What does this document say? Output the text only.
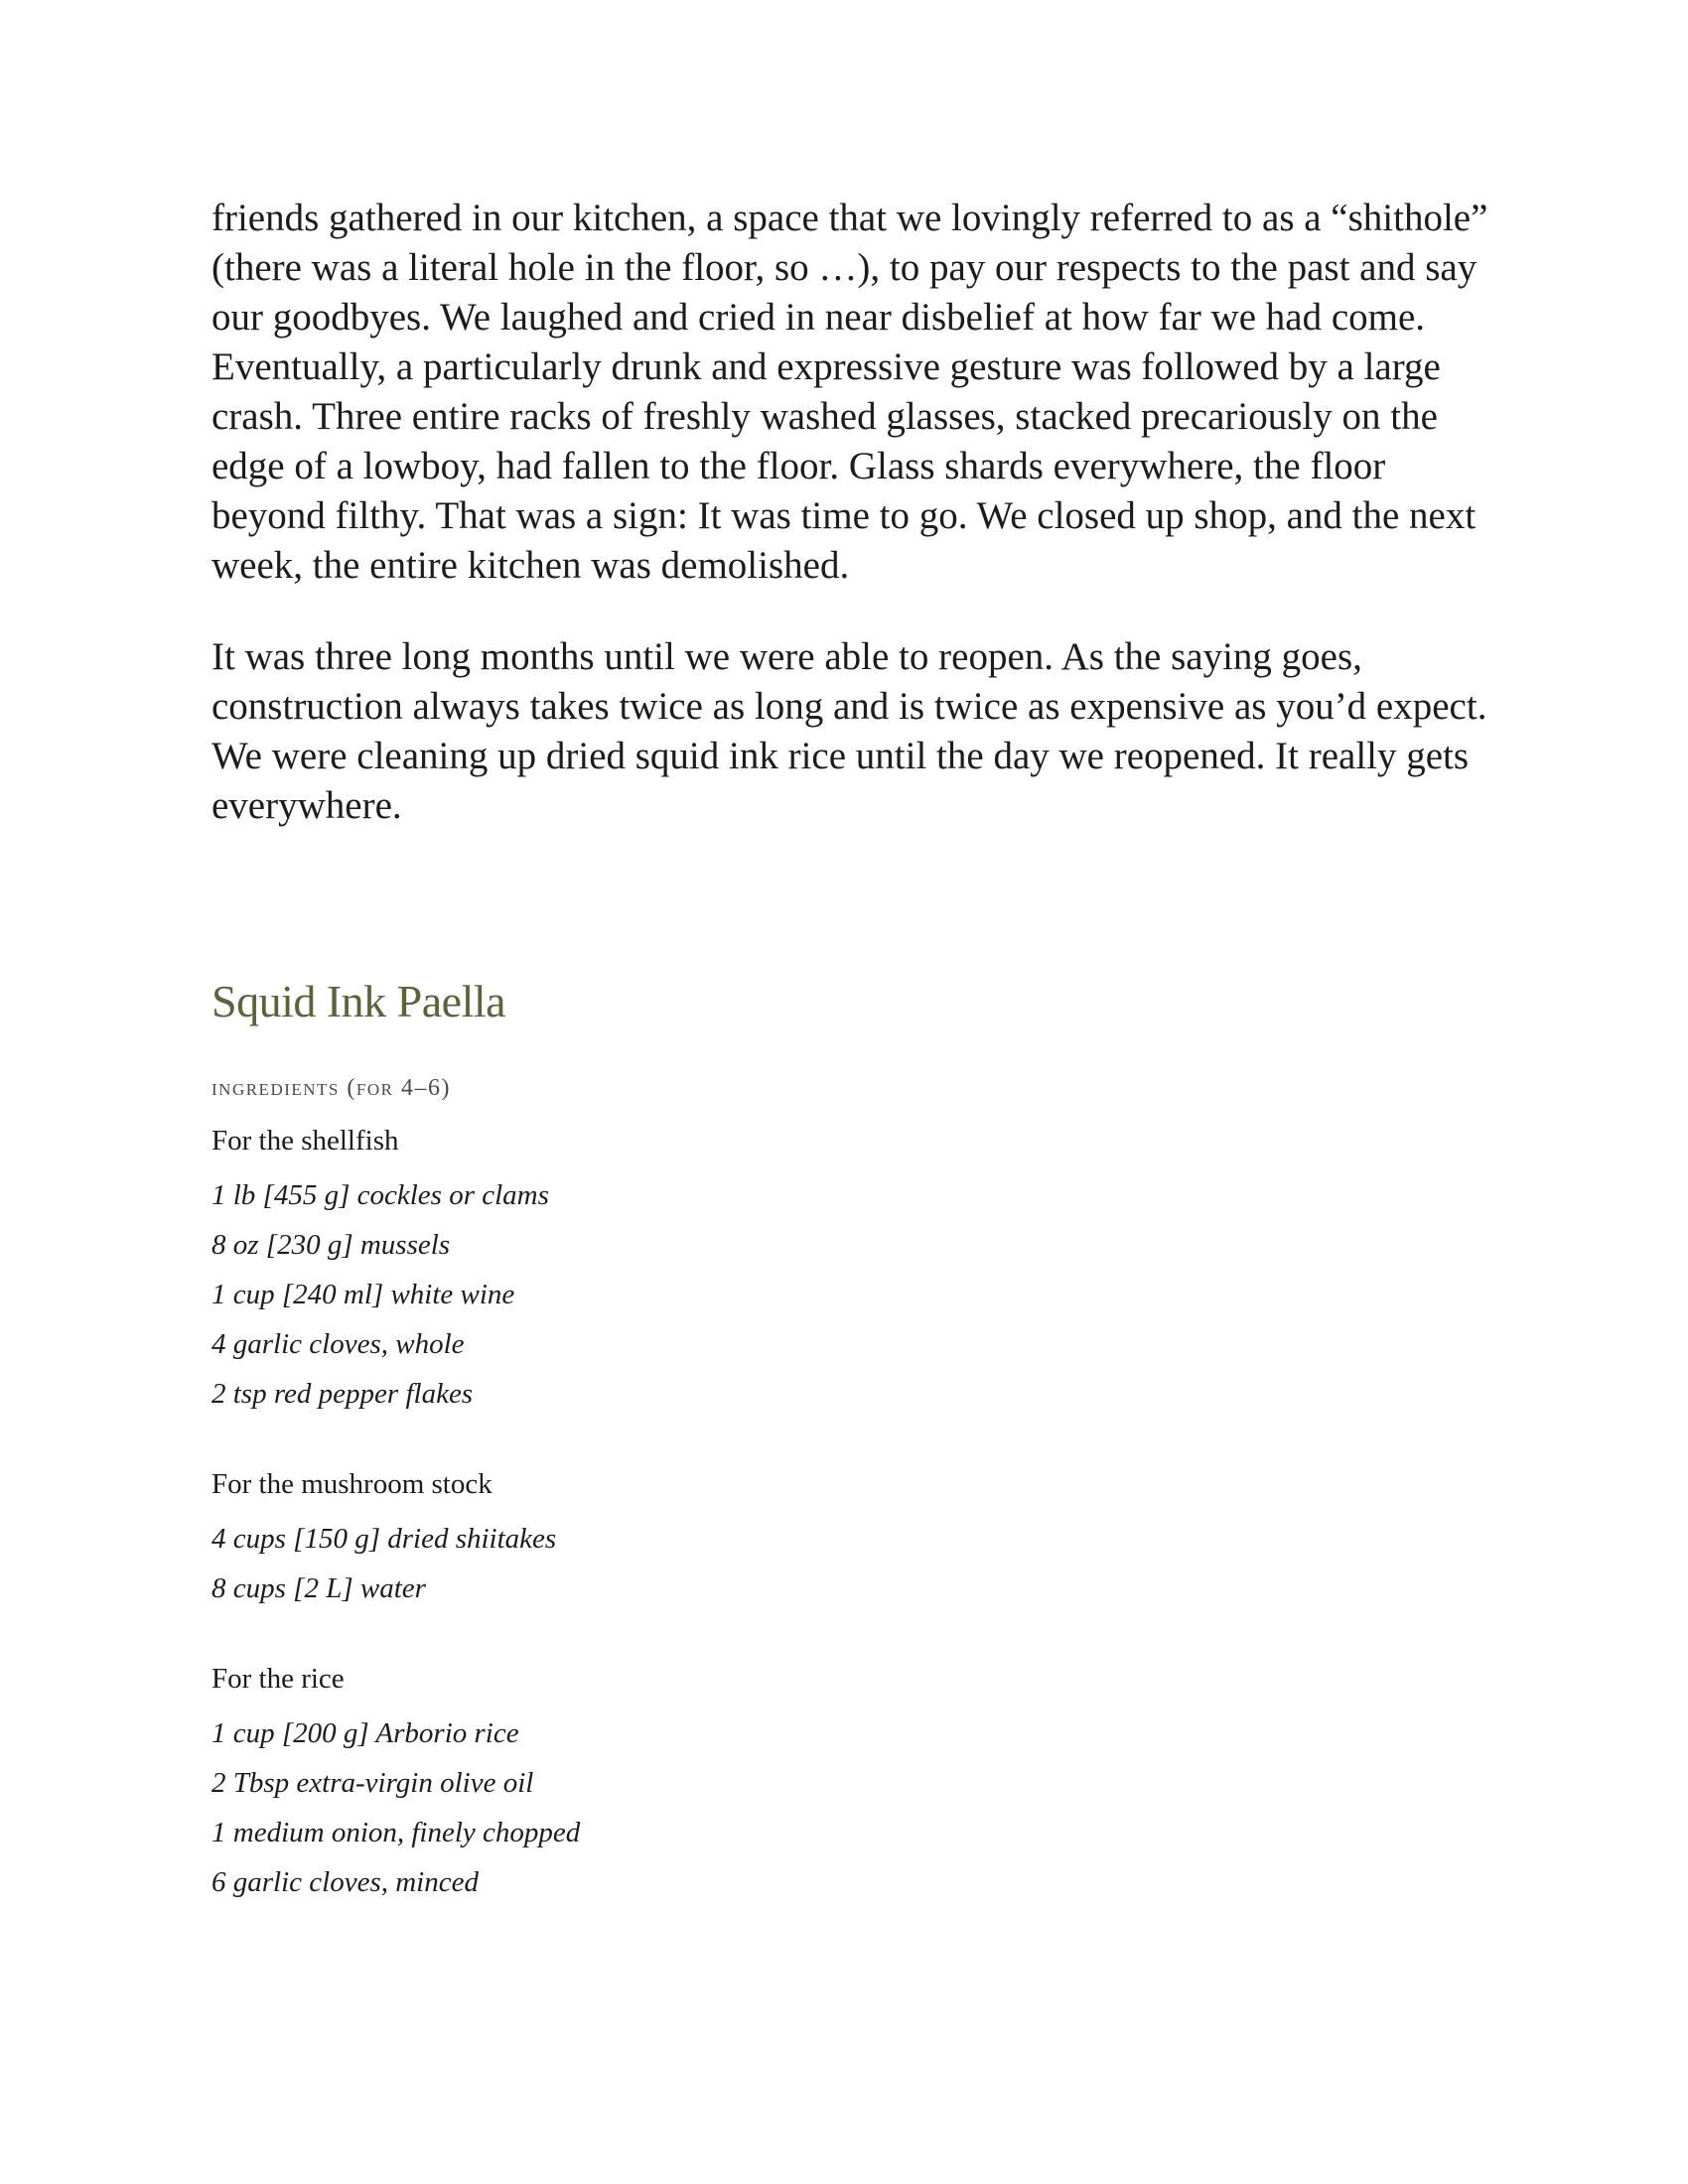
friends gathered in our kitchen, a space that we lovingly referred to as a “shithole” (there was a literal hole in the floor, so …), to pay our respects to the past and say our goodbyes. We laughed and cried in near disbelief at how far we had come. Eventually, a particularly drunk and expressive gesture was followed by a large crash. Three entire racks of freshly washed glasses, stacked precariously on the edge of a lowboy, had fallen to the floor. Glass shards everywhere, the floor beyond filthy. That was a sign: It was time to go. We closed up shop, and the next week, the entire kitchen was demolished.

It was three long months until we were able to reopen. As the saying goes, construction always takes twice as long and is twice as expensive as you’d expect. We were cleaning up dried squid ink rice until the day we reopened. It really gets everywhere.

Squid Ink Paella
ingredients (for 4–6)
For the shellfish
1 lb [455 g] cockles or clams
8 oz [230 g] mussels
1 cup [240 ml] white wine
4 garlic cloves, whole
2 tsp red pepper flakes
For the mushroom stock
4 cups [150 g] dried shiitakes
8 cups [2 L] water
For the rice
1 cup [200 g] Arborio rice
2 Tbsp extra-virgin olive oil
1 medium onion, finely chopped
6 garlic cloves, minced
